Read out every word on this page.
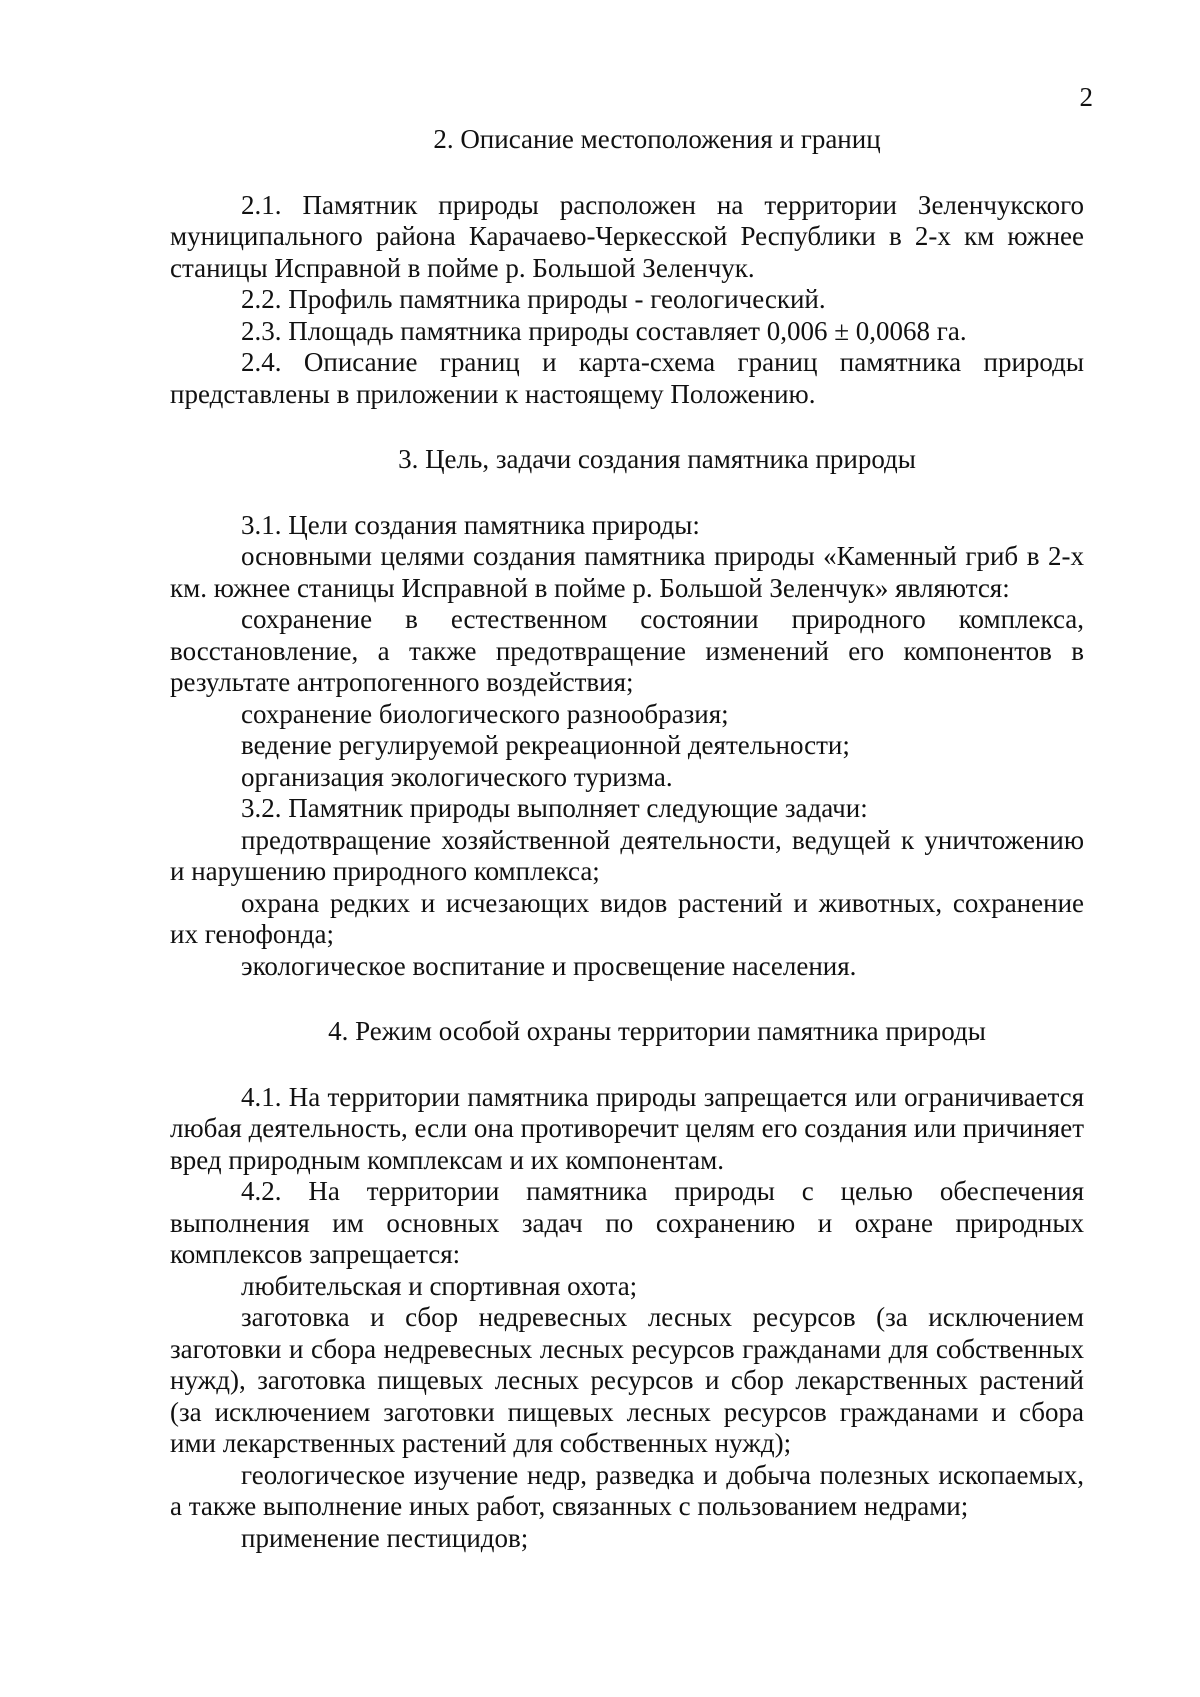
2
2. Описание местоположения и границ

2.1. Памятник природы расположен на территории Зеленчукского муниципального района Карачаево-Черкесской Республики в 2-х км южнее станицы Исправной в пойме р. Большой Зеленчук.

2.2. Профиль памятника природы - геологический.

2.3. Площадь памятника природы составляет 0,006 ± 0,0068 га.

2.4. Описание границ и карта-схема границ памятника природы представлены в приложении к настоящему Положению.

3. Цель, задачи создания памятника природы

3.1. Цели создания памятника природы:

основными целями создания памятника природы «Каменный гриб в 2-х км. южнее станицы Исправной в пойме р. Большой Зеленчук» являются:

сохранение в естественном состоянии природного комплекса, восстановление, а также предотвращение изменений его компонентов в результате антропогенного воздействия;

сохранение биологического разнообразия;

ведение регулируемой рекреационной деятельности;

организация экологического туризма.

3.2. Памятник природы выполняет следующие задачи:

предотвращение хозяйственной деятельности, ведущей к уничтожению и нарушению природного комплекса;

охрана редких и исчезающих видов растений и животных, сохранение их генофонда;

экологическое воспитание и просвещение населения.

4. Режим особой охраны территории памятника природы

4.1. На территории памятника природы запрещается или ограничивается любая деятельность, если она противоречит целям его создания или причиняет вред природным комплексам и их компонентам.

4.2. На территории памятника природы с целью обеспечения выполнения им основных задач по сохранению и охране природных комплексов запрещается:

любительская и спортивная охота;

заготовка и сбор недревесных лесных ресурсов (за исключением заготовки и сбора недревесных лесных ресурсов гражданами для собственных нужд), заготовка пищевых лесных ресурсов и сбор лекарственных растений (за исключением заготовки пищевых лесных ресурсов гражданами и сбора ими лекарственных растений для собственных нужд);

геологическое изучение недр, разведка и добыча полезных ископаемых, а также выполнение иных работ, связанных с пользованием недрами;

применение пестицидов;
